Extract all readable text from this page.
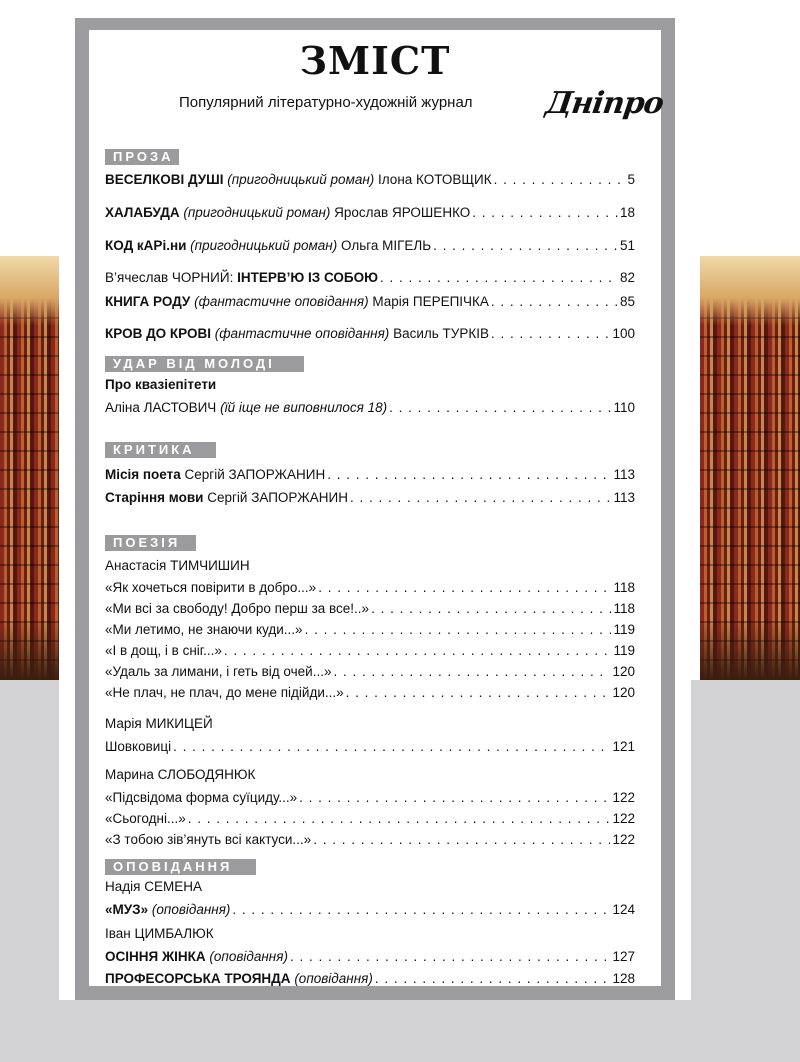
ЗМІСТ
Популярний літературно-художній журнал Дніпро
ПРОЗА
ВЕСЕЛКОВІ ДУШІ
(пригодницький роман)
Ілона КОТОВЩИК . . .	5
ХАЛАБУДА
(пригодницький роман)
Ярослав ЯРОШЕНКО . . .	18
КОД кАРі.ни
(пригодницький роман)
Ольга МІГЕЛЬ . . .	51
В’ячеслав ЧОРНИЙ:
ІНТЕРВ’Ю ІЗ СОБОЮ . . .	82
КНИГА РОДУ
(фантастичне оповідання)
Марія ПЕРЕПІЧКА . . .	85
КРОВ ДО КРОВІ
(фантастичне оповідання)
Василь ТУРКІВ . . .	100
УДАР ВІД МОЛОДІ
Про квазіепітети
Аліна ЛАСТОВИЧ
(їй іще не виповнилося 18) . . .	110
КРИТИКА
Місія поета
Сергій ЗАПОРЖАНИН . . .	113
Старіння мови
Сергій ЗАПОРЖАНИН . . .	113
ПОЕЗІЯ
Анастасія ТИМЧИШИН
«Як хочеться повірити в добро...» . . .	118
«Ми всі за свободу! Добро перш за все!..» . . .	118
«Ми летимо, не знаючи куди...» . . .	119
«І в дощ, і в сніг...» . . .	119
«Удаль за лимани, і геть від очей...» . . .	120
«Не плач, не плач, до мене підійди...» . . .	120
Марія МИКИЦЕЙ
Шовковиці . . .	121
Марина СЛОБОДЯНЮК
«Підсвідома форма суїциду...» . . .	122
«Сьогодні...» . . .	122
«З тобою зів’януть всі кактуси...» . . .	122
ОПОВІДАННЯ
Надія СЕМЕНА
«МУЗ»
(оповідання) . . .	124
Іван ЦИМБАЛЮК
ОСІННЯ ЖІНКА
(оповідання) . . .	127
ПРОФЕСОРСЬКА ТРОЯНДА
(оповідання) . . .	128
